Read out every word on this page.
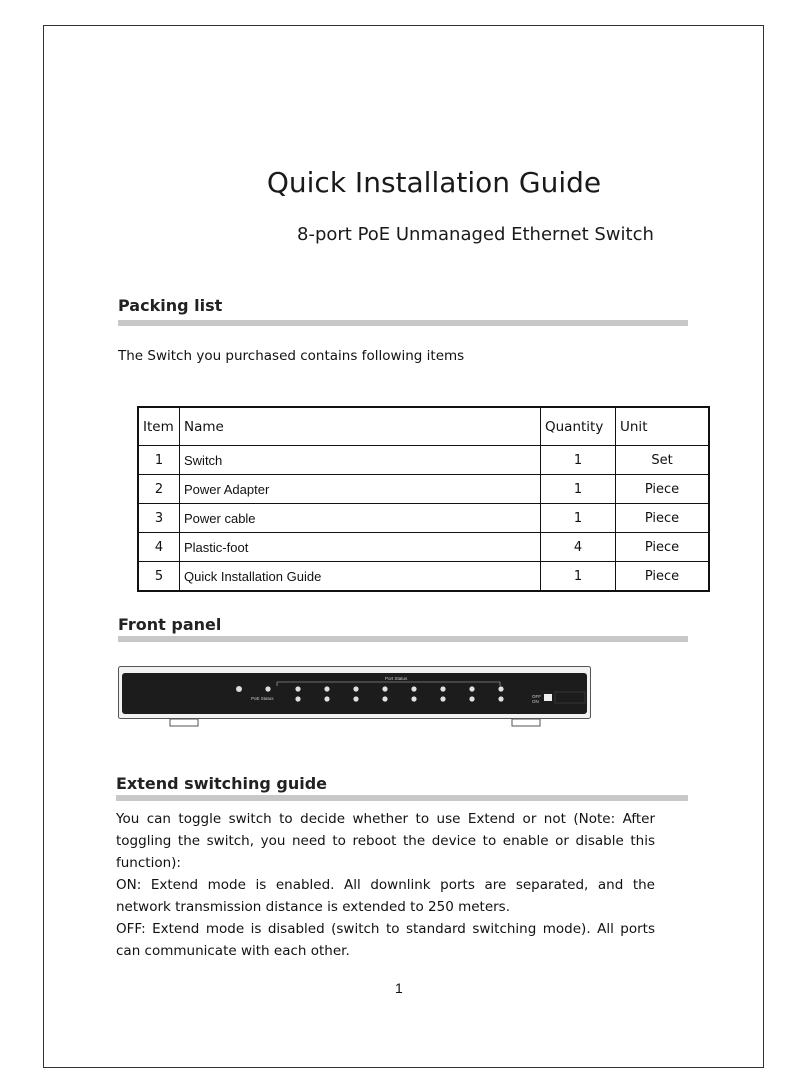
Quick Installation Guide
8-port PoE Unmanaged Ethernet Switch
Packing list
The Switch you purchased contains following items
Item	Name	Quantity	Unit
1	Switch	1	Set
2	Power Adapter	1	Piece
3	Power cable	1	Piece
4	Plastic-foot	4	Piece
5	Quick Installation Guide	1	Piece
Front panel
Port Status
PoE Status	OFF
ON
Extend switching guide

You can toggle switch to decide whether to use Extend or not (Note: After toggling the switch, you need to reboot the device to enable or disable this function):

ON: Extend mode is enabled. All downlink ports are separated, and the network transmission distance is extended to 250 meters.

OFF: Extend mode is disabled (switch to standard switching mode). All ports can communicate with each other.

1
